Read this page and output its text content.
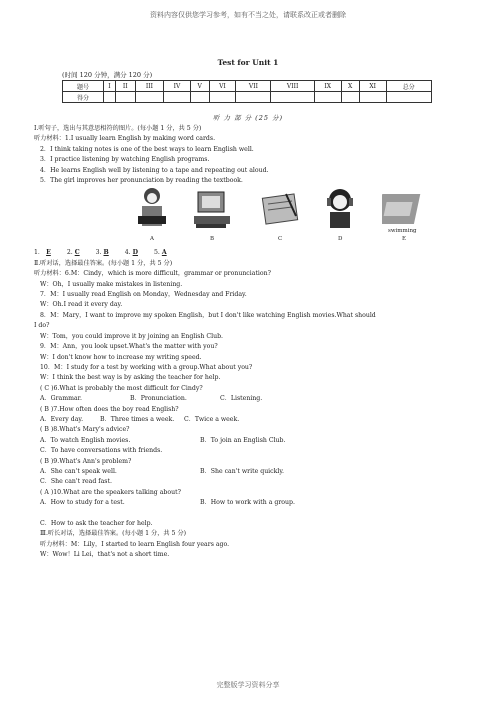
资料内容仅供您学习参考，如有不当之处，请联系改正或者删除
Test for Unit 1
(时间 120 分钟，满分 120 分)
题号	I	II	III	IV	V	VI	VII	VIII	IX	X	XI	总分
得分												
听 力 部 分 (25 分)

Ⅰ.听句子，选出与其意思相符的图片。(每小题 1 分，共 5 分)

听力材料：1.I usually learn English by making word cards.

2．I think taking notes is one of the best ways to learn English well.

3．I practice listening by watching English programs.

4．He learns English well by listening to a tape and repeating out aloud.

5．The girl improves her pronunciation by reading the textbook.

A	B	C	D	E
swimming
1． E	2. C	3. B	4. D	5. A

Ⅱ.听对话，选择最佳答案。(每小题 1 分，共 5 分)

听力材料：6.M：Cindy，which is more difficult，grammar or pronunciation?

W：Oh，I usually make mistakes in listening.

7．M：I usually read English on Monday，Wednesday and Friday.

W：Oh.I read it every day.

8．M：Mary，I want to improve my spoken English，but I don't like watching English movies.What should

I do?

W：Tom，you could improve it by joining an English Club.

9．M：Ann，you look upset.What's the matter with you?

W：I don't know how to increase my writing speed.

10．M：I study for a test by working with a group.What about you?

W：I think the best way is by asking the teacher for help.

( C )6.What is probably the most difficult for Cindy?

A．Grammar.	B．Pronunciation.	C．Listening.

( B )7.How often does the boy read English?

A．Every day.	B．Three times a week.	C．Twice a week.

( B )8.What's Mary's advice?

A．To watch English movies.	B．To join an English Club.

C．To have conversations with friends.

( B )9.What's Ann's problem?

A．She can't speak well.	B．She can't write quickly.

C．She can't read fast.

( A )10.What are the speakers talking about?

A．How to study for a test.	B．How to work with a group.

C．How to ask the teacher for help.

Ⅲ.听长对话，选择最佳答案。(每小题 1 分，共 5 分)

听力材料：M：Lily，I started to learn English four years ago.

W：Wow！Li Lei，that's not a short time.

完整版学习资料分享
